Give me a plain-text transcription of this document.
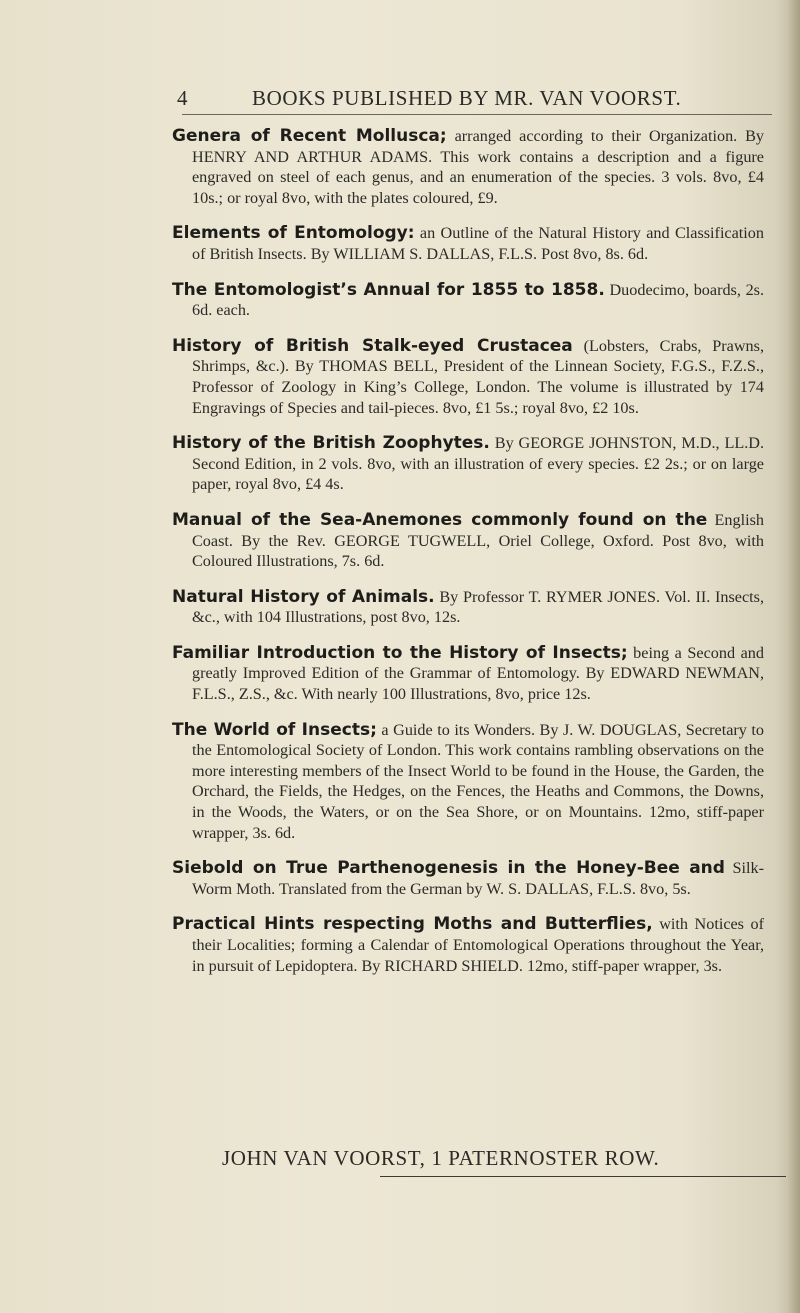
4	BOOKS PUBLISHED BY MR. VAN VOORST.

Genera of Recent Mollusca; arranged according to their Organization. By HENRY AND ARTHUR ADAMS. This work contains a description and a figure engraved on steel of each genus, and an enumeration of the species. 3 vols. 8vo, £4 10s.; or royal 8vo, with the plates coloured, £9.

Elements of Entomology: an Outline of the Natural History and Classification of British Insects. By WILLIAM S. DALLAS, F.L.S. Post 8vo, 8s. 6d.

The Entomologist’s Annual for 1855 to 1858. Duodecimo, boards, 2s. 6d. each.

History of British Stalk-eyed Crustacea (Lobsters, Crabs, Prawns, Shrimps, &c.). By THOMAS BELL, President of the Linnean Society, F.G.S., F.Z.S., Professor of Zoology in King’s College, London. The volume is illustrated by 174 Engravings of Species and tail-pieces. 8vo, £1 5s.; royal 8vo, £2 10s.

History of the British Zoophytes. By GEORGE JOHNSTON, M.D., LL.D. Second Edition, in 2 vols. 8vo, with an illustration of every species. £2 2s.; or on large paper, royal 8vo, £4 4s.

Manual of the Sea-Anemones commonly found on the English Coast. By the Rev. GEORGE TUGWELL, Oriel College, Oxford. Post 8vo, with Coloured Illustrations, 7s. 6d.

Natural History of Animals. By Professor T. RYMER JONES. Vol. II. Insects, &c., with 104 Illustrations, post 8vo, 12s.

Familiar Introduction to the History of Insects; being a Second and greatly Improved Edition of the Grammar of Entomology. By EDWARD NEWMAN, F.L.S., Z.S., &c. With nearly 100 Illustrations, 8vo, price 12s.

The World of Insects; a Guide to its Wonders. By J. W. DOUGLAS, Secretary to the Entomological Society of London. This work contains rambling observations on the more interesting members of the Insect World to be found in the House, the Garden, the Orchard, the Fields, the Hedges, on the Fences, the Heaths and Commons, the Downs, in the Woods, the Waters, or on the Sea Shore, or on Mountains. 12mo, stiff-paper wrapper, 3s. 6d.

Siebold on True Parthenogenesis in the Honey-Bee and Silk-Worm Moth. Translated from the German by W. S. DALLAS, F.L.S. 8vo, 5s.

Practical Hints respecting Moths and Butterflies, with Notices of their Localities; forming a Calendar of Entomological Operations throughout the Year, in pursuit of Lepidoptera. By RICHARD SHIELD. 12mo, stiff-paper wrapper, 3s.

JOHN VAN VOORST, 1 PATERNOSTER ROW.
